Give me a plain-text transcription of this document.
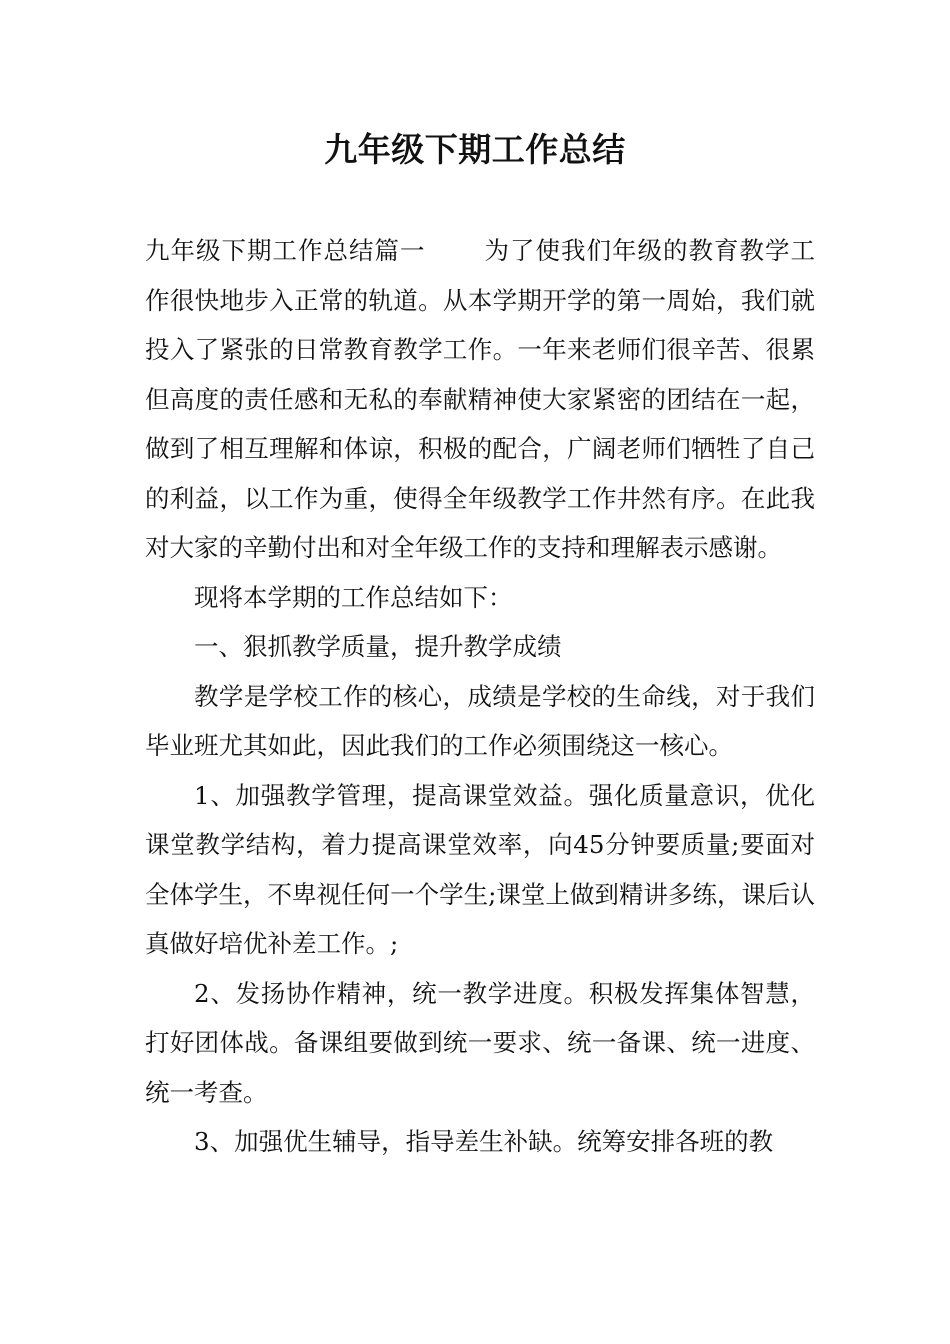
九年级下期工作总结

九年级下期工作总结篇一 为了使我们年级的教育教学工作很快地步入正常的轨道。从本学期开学的第一周始，我们就投入了紧张的日常教育教学工作。一年来老师们很辛苦、很累但高度的责任感和无私的奉献精神使大家紧密的团结在一起，做到了相互理解和体谅，积极的配合，广阔老师们牺牲了自己的利益，以工作为重，使得全年级教学工作井然有序。在此我对大家的辛勤付出和对全年级工作的支持和理解表示感谢。

现将本学期的工作总结如下：

一、狠抓教学质量，提升教学成绩

教学是学校工作的核心，成绩是学校的生命线，对于我们毕业班尤其如此，因此我们的工作必须围绕这一核心。

1、加强教学管理，提高课堂效益。强化质量意识，优化课堂教学结构，着力提高课堂效率，向45分钟要质量;要面对全体学生，不卑视任何一个学生;课堂上做到精讲多练，课后认真做好培优补差工作。;

2、发扬协作精神，统一教学进度。积极发挥集体智慧，打好团体战。备课组要做到统一要求、统一备课、统一进度、统一考查。

3、加强优生辅导，指导差生补缺。统筹安排各班的教
